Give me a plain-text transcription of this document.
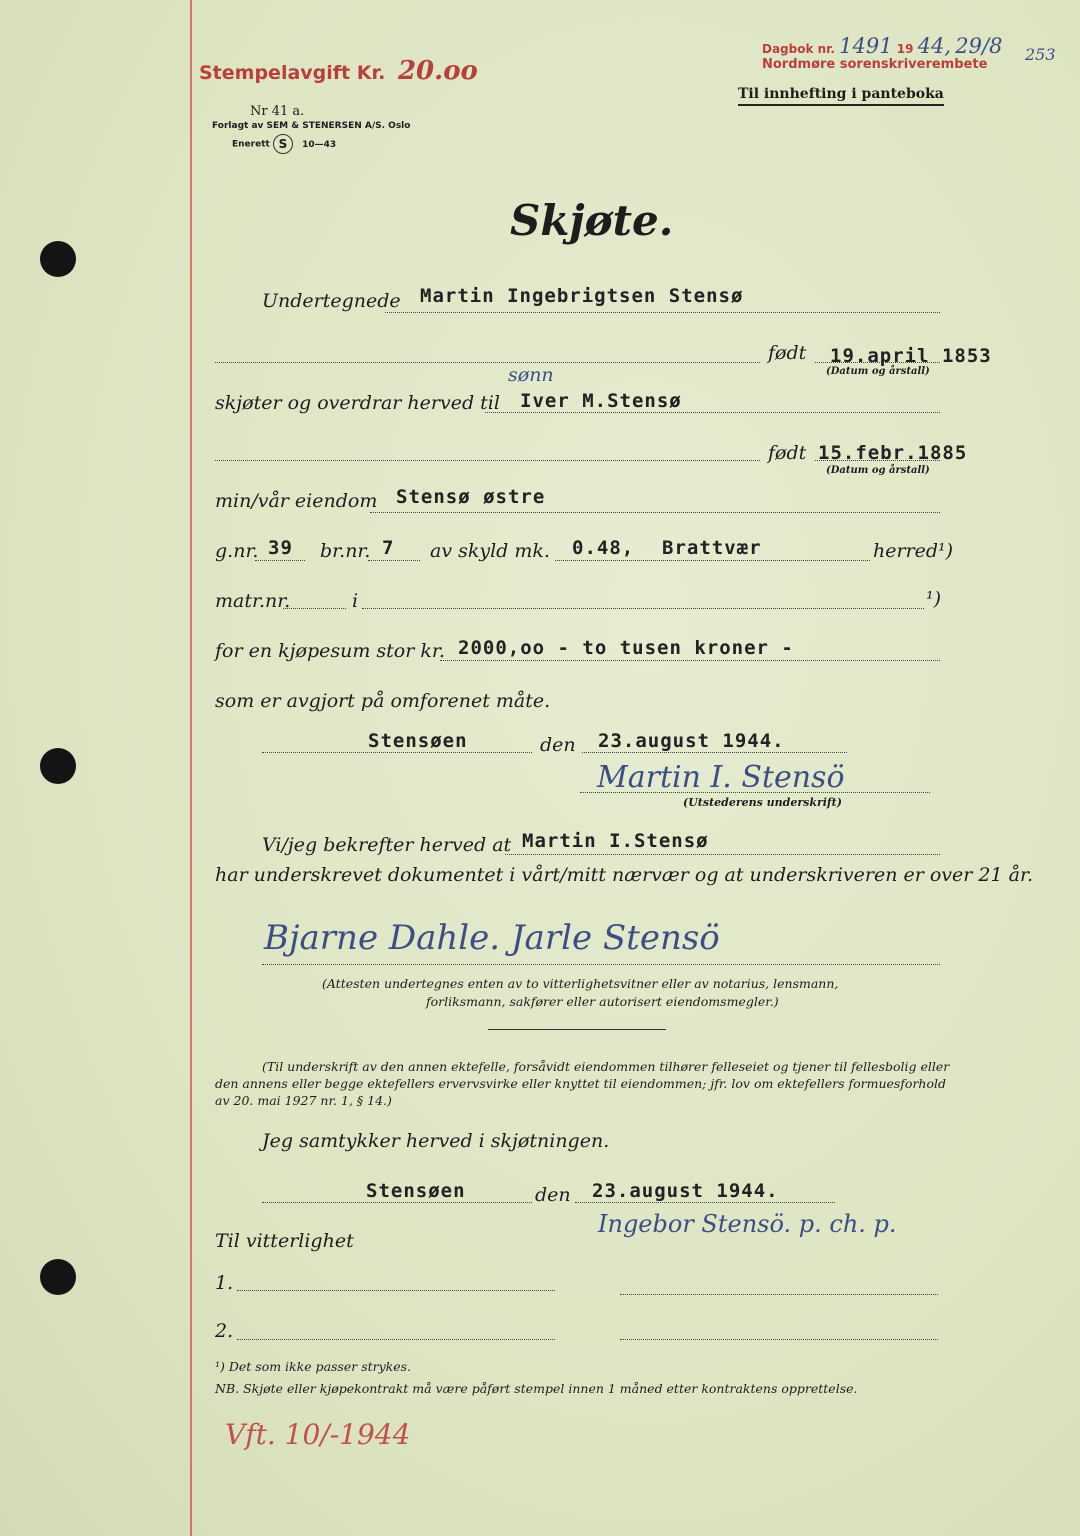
Stempelavgift Kr. 20.oo
Nr 41 a.
Forlagt av SEM & STENERSEN A/S. Oslo
Enerett S 10—43
Dagbok nr. 1491 19 44, 29/8 253
Nordmøre sorenskriverembete
Til innhefting i panteboka
Skjøte.
Undertegnede Martin Ingebrigtsen Stensø
født 19.april 1853
(Datum og årstall)
skjøter og overdrar herved til
sønn
Iver M.Stensø
født 15.febr.1885
(Datum og årstall)
min/vår eiendom Stensø østre
g.nr. 39 br.nr. 7 av skyld mk. 0.48, Brattvær	herred¹)
matr.nr.	i	¹)
for en kjøpesum stor kr. 2000,oo - to tusen kroner -
som er avgjort på omforenet måte.
Stensøen	den 23.august 1944.
Martin I. Stensö
(Utstederens underskrift)
Vi/jeg bekrefter herved at Martin I.Stensø
har underskrevet dokumentet i vårt/mitt nærvær og at underskriveren er over 21 år.
Bjarne Dahle. Jarle Stensö
(Attesten undertegnes enten av to vitterlighetsvitner eller av notarius, lensmann,
forliksmann, sakfører eller autorisert eiendomsmegler.)
(Til underskrift av den annen ektefelle, forsåvidt eiendommen tilhører felleseiet og tjener til fellesbolig eller
den annens eller begge ektefellers ervervsvirke eller knyttet til eiendommen; jfr. lov om ektefellers formuesforhold
av 20. mai 1927 nr. 1, § 14.)
Jeg samtykker herved i skjøtningen.
Stensøen	den 23.august 1944.
Ingebor Stensö. p. ch. p.
Til vitterlighet
1.
2.
¹) Det som ikke passer strykes.
NB. Skjøte eller kjøpekontrakt må være påført stempel innen 1 måned etter kontraktens opprettelse.
Vft. 10/-1944
